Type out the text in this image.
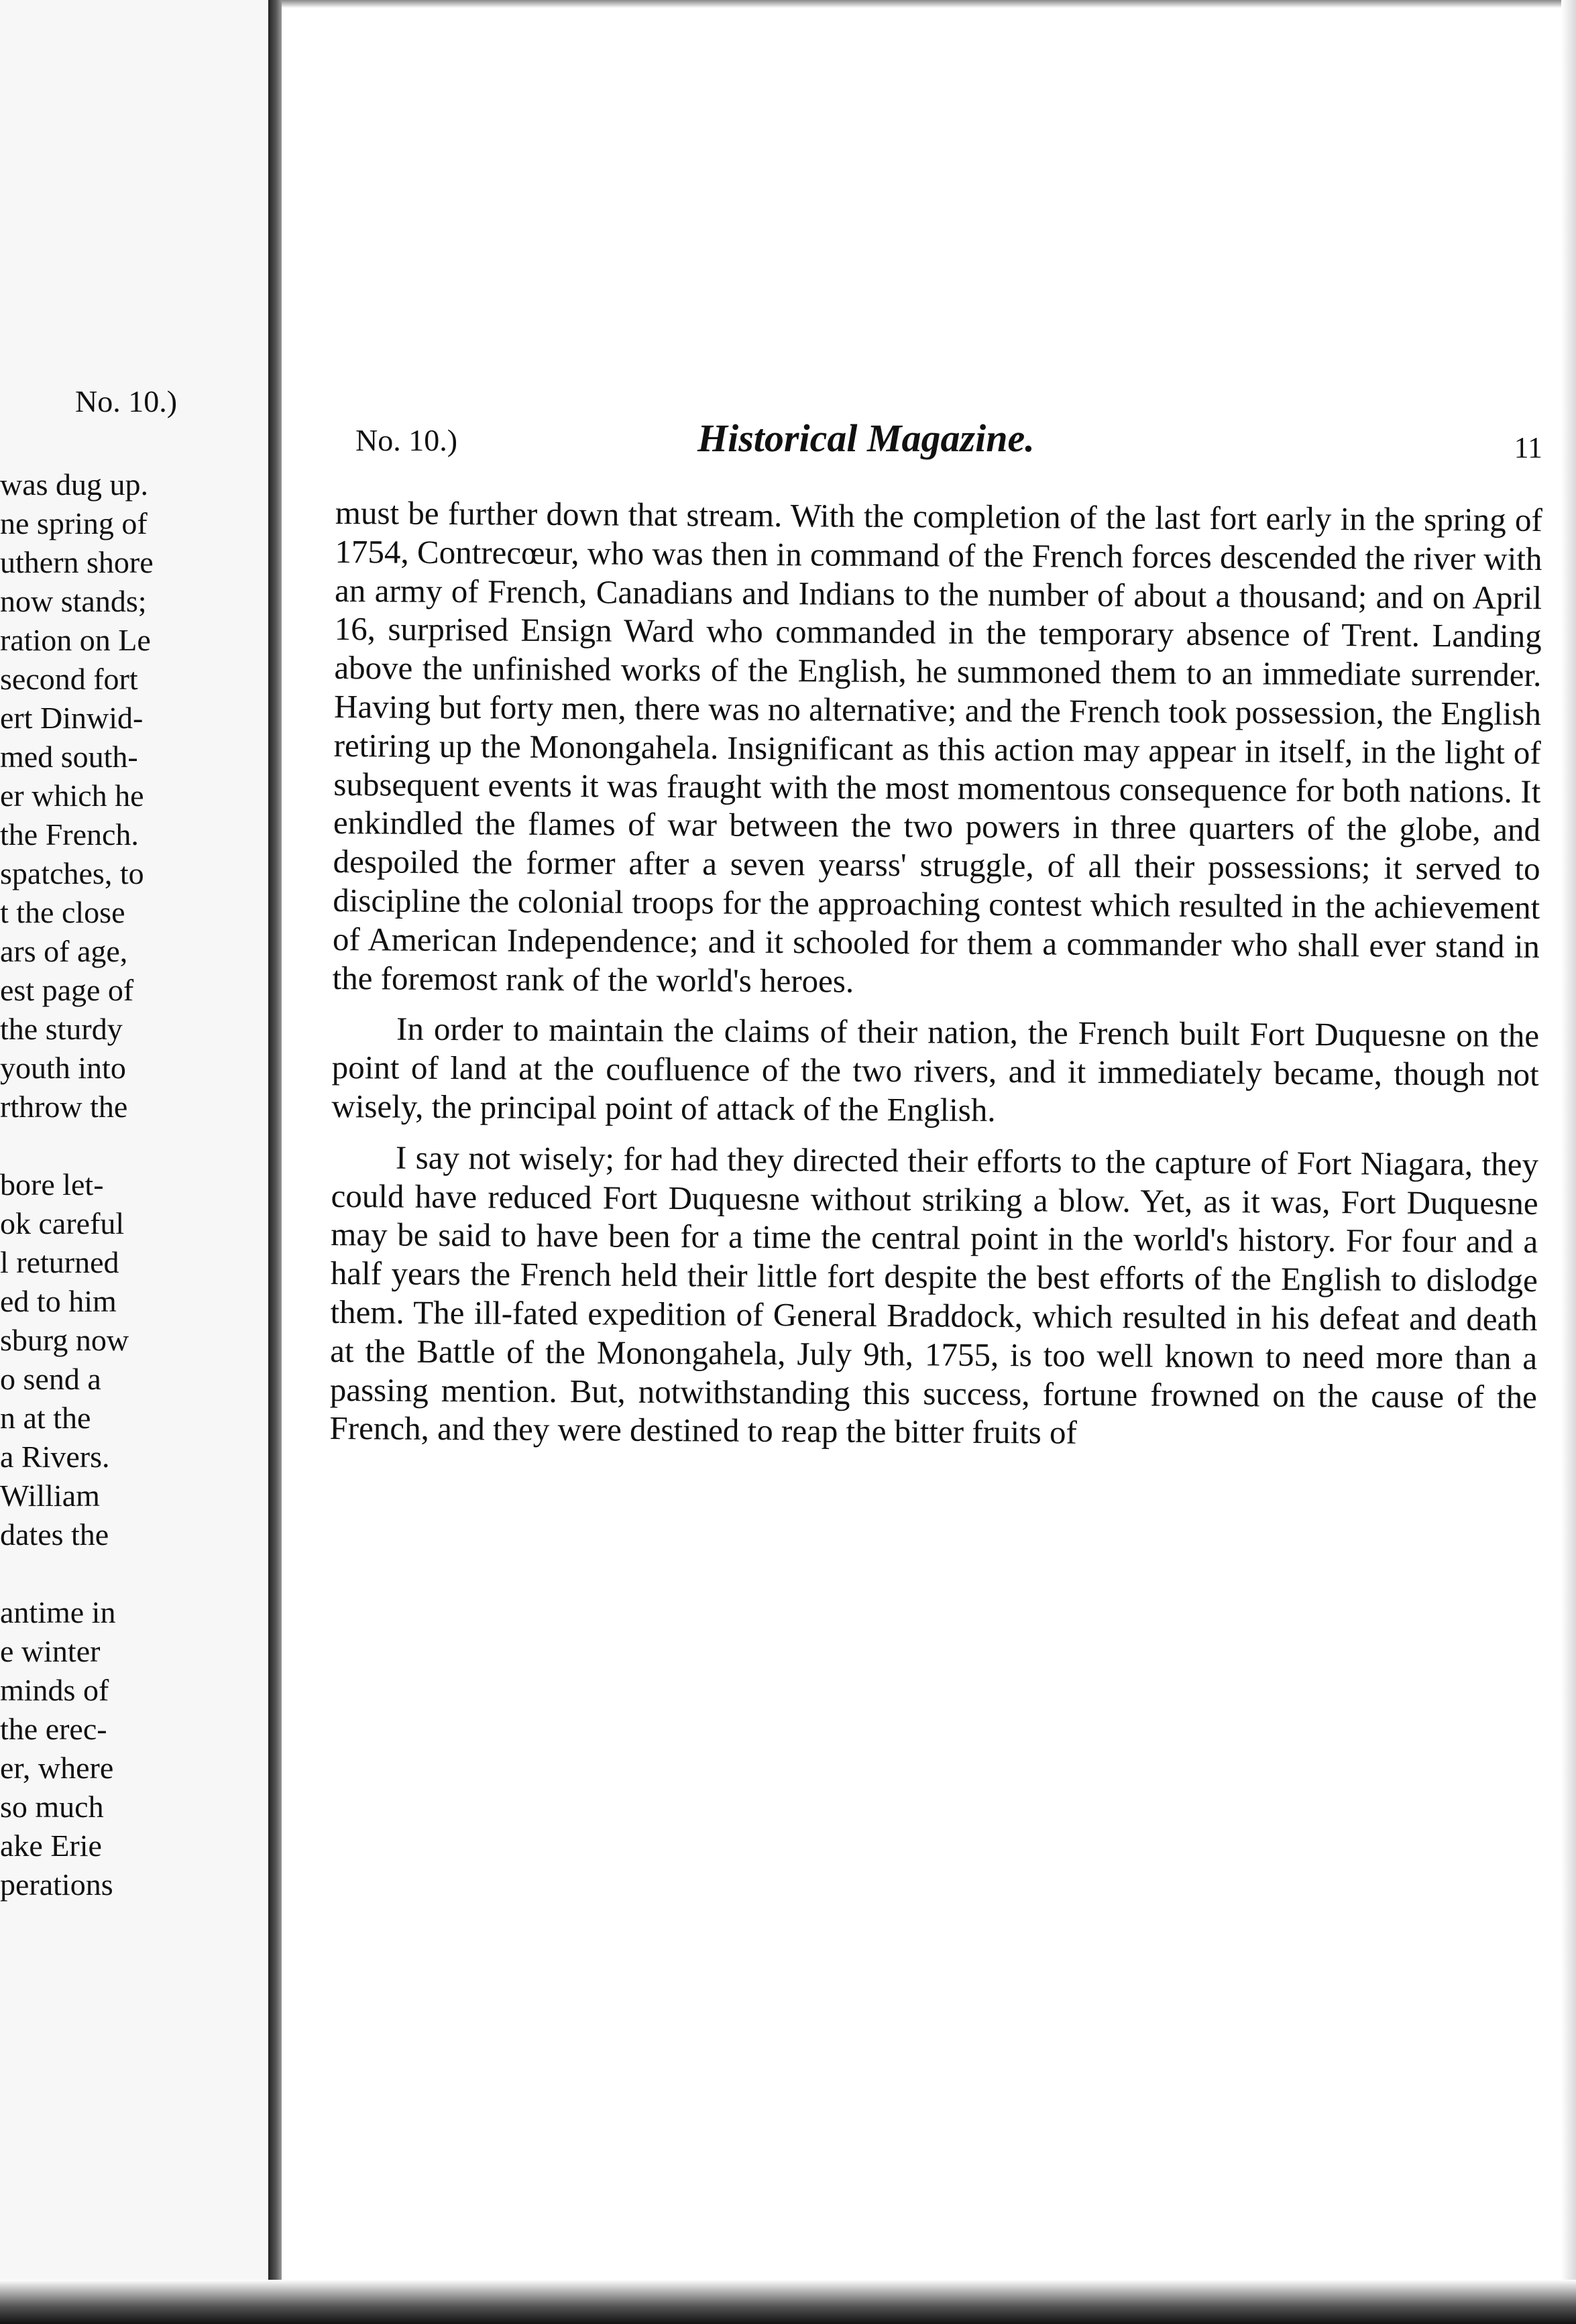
No. 10.)
was dug up.
ne spring of
uthern shore
now stands;
ration on Le
second fort
ert Dinwid-
med south-
er which he
the French.
spatches, to
t the close
ars of age,
est page of
the sturdy
youth into
rthrow the
bore let-
ok careful
l returned
ed to him
sburg now
o send a
n at the
a Rivers.
William
dates the
antime in
e winter
minds of
the erec-
er, where
so much
ake Erie
perations
No. 10.)	Historical Magazine.	11

must be further down that stream. With the completion of the last fort early in the spring of 1754, Contrecœur, who was then in command of the French forces descended the river with an army of French, Canadians and Indians to the number of about a thousand; and on April 16, surprised Ensign Ward who commanded in the temporary absence of Trent. Landing above the unfinished works of the English, he summoned them to an immediate surrender. Having but forty men, there was no alternative; and the French took possession, the English retiring up the Monongahela. Insignificant as this action may appear in itself, in the light of subsequent events it was fraught with the most momentous consequence for both nations. It enkindled the flames of war between the two powers in three quarters of the globe, and despoiled the former after a seven yearss' struggle, of all their possessions; it served to discipline the colonial troops for the approaching contest which resulted in the achievement of American Independence; and it schooled for them a commander who shall ever stand in the foremost rank of the world's heroes.

In order to maintain the claims of their nation, the French built Fort Duquesne on the point of land at the coufluence of the two rivers, and it immediately became, though not wisely, the principal point of attack of the English.

I say not wisely; for had they directed their efforts to the capture of Fort Niagara, they could have reduced Fort Duquesne without striking a blow. Yet, as it was, Fort Duquesne may be said to have been for a time the central point in the world's history. For four and a half years the French held their little fort despite the best efforts of the English to dislodge them. The ill-fated expedition of General Braddock, which resulted in his defeat and death at the Battle of the Monongahela, July 9th, 1755, is too well known to need more than a passing mention. But, notwithstanding this success, fortune frowned on the cause of the French, and they were destined to reap the bitter fruits of
